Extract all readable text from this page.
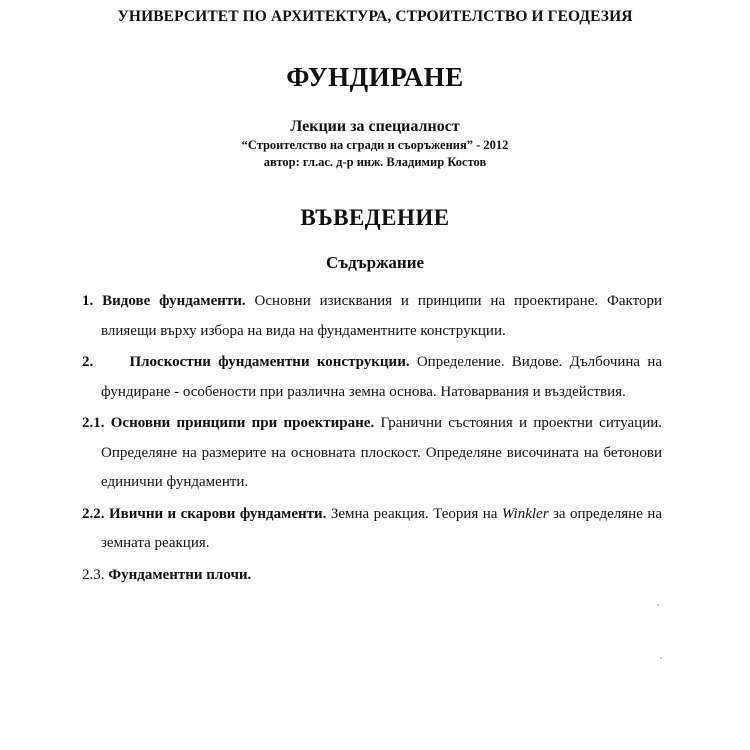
УНИВЕРСИТЕТ ПО АРХИТЕКТУРА, СТРОИТЕЛСТВО И ГЕОДЕЗИЯ
ФУНДИРАНЕ
Лекции за специалност
“Строителство на сгради и съоръжения” - 2012
автор: гл.ас. д-р инж. Владимир Костов
ВЪВЕДЕНИЕ
Съдържание

1. Видове фундаменти. Основни изисквания и принципи на проектиране. Фактори влияещи върху избора на вида на фундаментните конструкции.

2. Плоскостни фундаментни конструкции. Определение. Видове. Дълбочина на фундиране - особености при различна земна основа. Натоварвания и въздействия.

2.1. Основни принципи при проектиране. Гранични състояния и проектни ситуации. Определяне на размерите на основната плоскост. Определяне височината на бетонови единични фундаменти.

2.2. Ивични и скарови фундаменти. Земна реакция. Теория на Winkler за определяне на земната реакция.

2.3. Фундаментни плочи.
